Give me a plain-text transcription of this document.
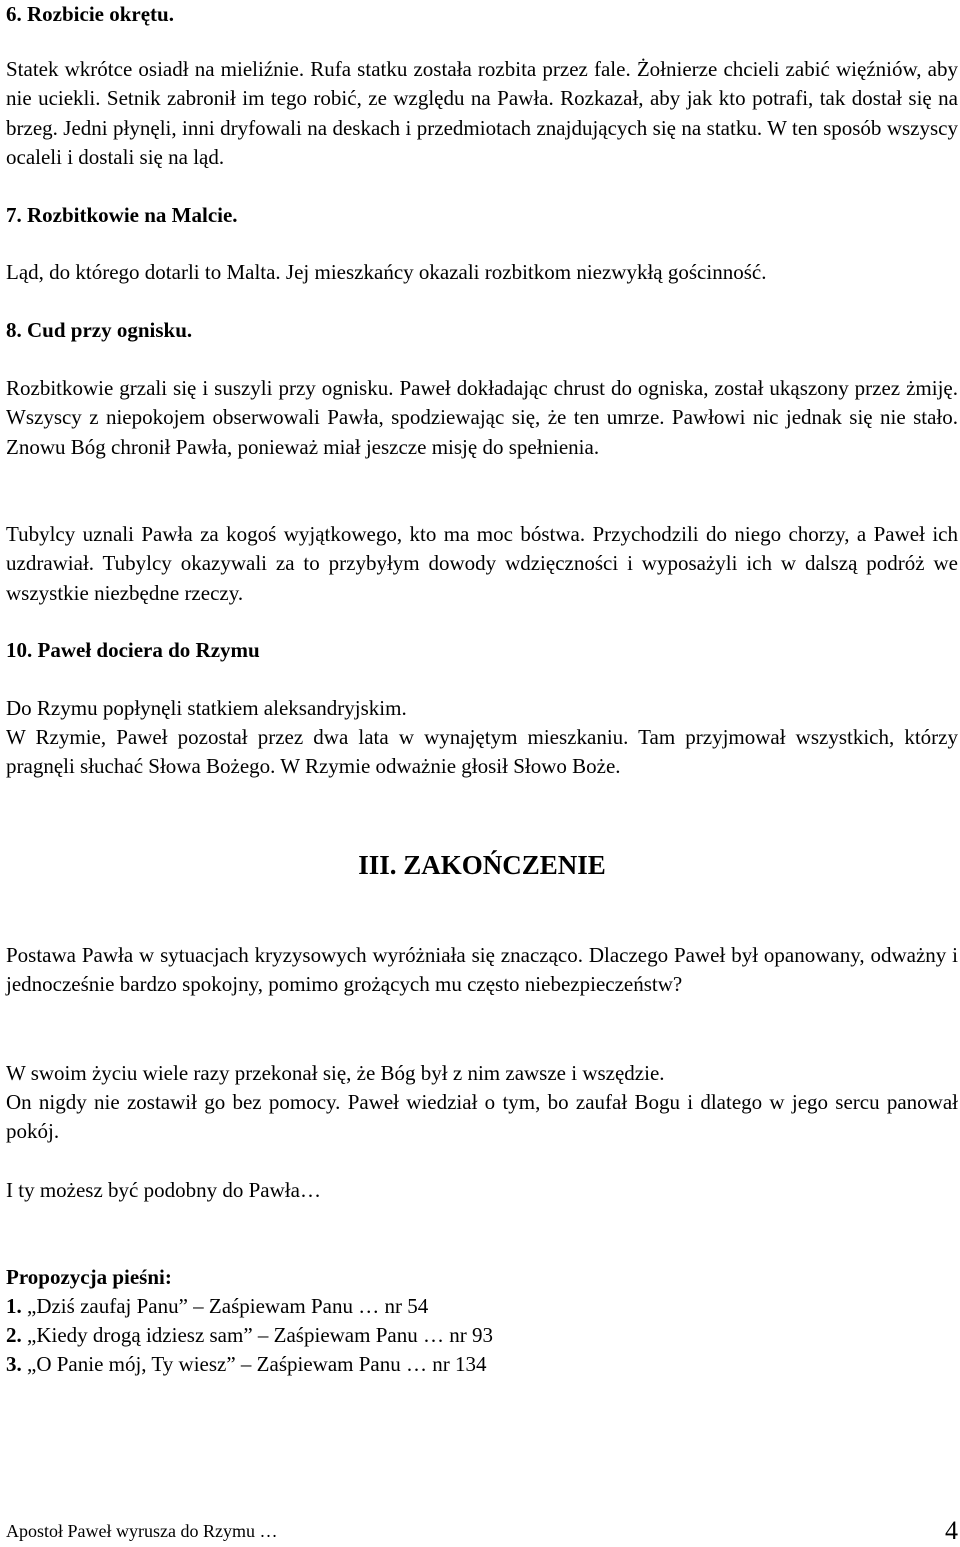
6. Rozbicie okrętu.
Statek wkrótce osiadł na mieliźnie. Rufa statku została rozbita przez fale. Żołnierze chcieli zabić więźniów, aby nie uciekli. Setnik zabronił im tego robić, ze względu na Pawła. Rozkazał, aby jak kto potrafi, tak dostał się na brzeg. Jedni płynęli, inni dryfowali na deskach i przedmiotach znajdujących się na statku. W ten sposób wszyscy ocaleli i dostali się na ląd.
7. Rozbitkowie na Malcie.
Ląd, do którego dotarli to Malta. Jej mieszkańcy okazali rozbitkom niezwykłą gościnność.
8. Cud przy ognisku.
Rozbitkowie grzali się i suszyli przy ognisku. Paweł dokładając chrust do ogniska, został ukąszony przez żmiję. Wszyscy z niepokojem obserwowali Pawła, spodziewając się, że ten umrze. Pawłowi nic jednak się nie stało. Znowu Bóg chronił Pawła, ponieważ miał jeszcze misję do spełnienia.
Tubylcy uznali Pawła za kogoś wyjątkowego, kto ma moc bóstwa. Przychodzili do niego chorzy, a Paweł ich uzdrawiał. Tubylcy okazywali za to przybyłym dowody wdzięczności i wyposażyli ich w dalszą podróż we wszystkie niezbędne rzeczy.
10. Paweł dociera do Rzymu
Do Rzymu popłynęli statkiem aleksandryjskim.
W Rzymie, Paweł pozostał przez dwa lata w wynajętym mieszkaniu. Tam przyjmował wszystkich, którzy pragnęli słuchać Słowa Bożego. W Rzymie odważnie głosił Słowo Boże.
III. ZAKOŃCZENIE
Postawa Pawła w sytuacjach kryzysowych wyróżniała się znacząco. Dlaczego Paweł był opanowany, odważny i jednocześnie bardzo spokojny, pomimo grożących mu często niebezpieczeństw?
W swoim życiu wiele razy przekonał się, że Bóg był z nim zawsze i wszędzie.
On nigdy nie zostawił go bez pomocy. Paweł wiedział o tym, bo zaufał Bogu i dlatego w jego sercu panował pokój.
I ty możesz być podobny do Pawła…
Propozycja pieśni:
1. „Dziś zaufaj Panu” – Zaśpiewam Panu … nr 54
2. „Kiedy drogą idziesz sam” – Zaśpiewam Panu … nr 93
3. „O Panie mój, Ty wiesz” – Zaśpiewam Panu … nr 134
Apostoł Paweł wyrusza do Rzymu …	4
